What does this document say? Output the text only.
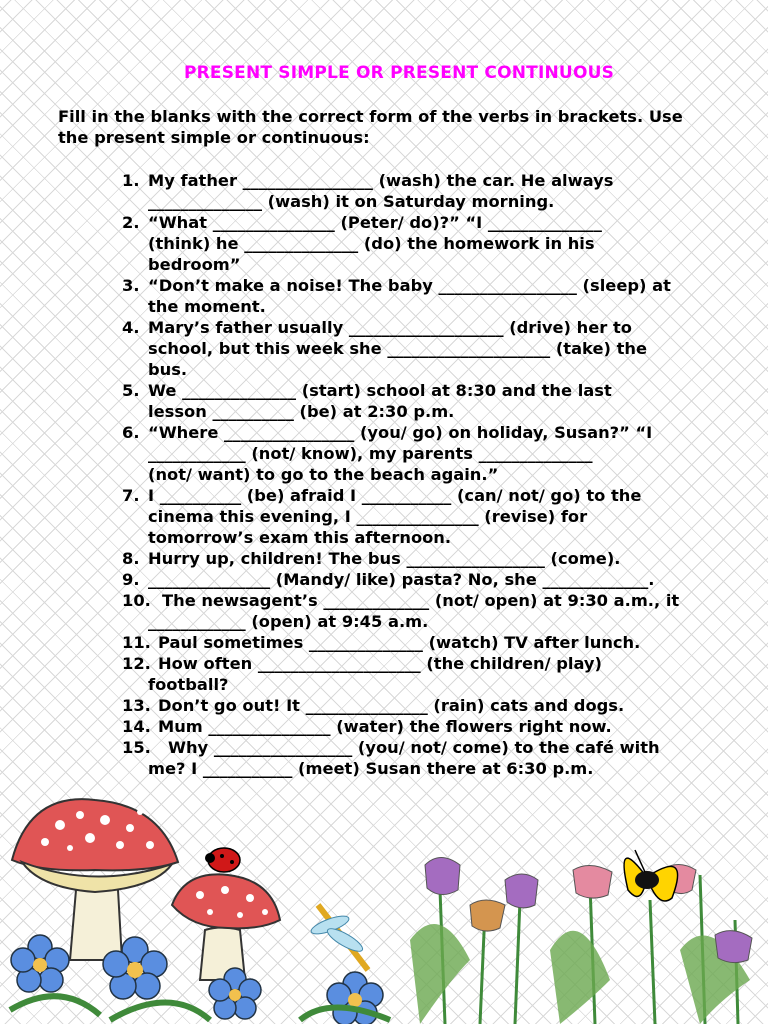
PRESENT SIMPLE OR PRESENT CONTINUOUS
Fill in the blanks with the correct form of the verbs in brackets. Use
the present simple or continuous:
1. My father ________________ (wash) the car. He always
______________ (wash) it on Saturday morning.
2. “What _______________ (Peter/ do)?” “I ______________
(think) he ______________ (do) the homework in his
bedroom”
3. “Don’t make a noise! The baby _________________ (sleep) at
the moment.
4. Mary’s father usually ___________________ (drive) her to
school, but this week she ____________________ (take) the
bus.
5. We ______________ (start) school at 8:30 and the last
lesson __________ (be) at 2:30 p.m.
6. “Where ________________ (you/ go) on holiday, Susan?” “I
____________ (not/ know), my parents ______________
(not/ want) to go to the beach again.”
7. I __________ (be) afraid I ___________ (can/ not/ go) to the
cinema this evening, I _______________ (revise) for
tomorrow’s exam this afternoon.
8. Hurry up, children! The bus _________________ (come).
9. _______________ (Mandy/ like) pasta? No, she _____________.
10. The newsagent’s _____________ (not/ open) at 9:30 a.m., it
____________ (open) at 9:45 a.m.
11. Paul sometimes ______________ (watch) TV after lunch.
12. How often ____________________ (the children/ play)
football?
13. Don’t go out! It _______________ (rain) cats and dogs.
14. Mum _______________ (water) the flowers right now.
15.	Why _________________ (you/ not/ come) to the café with
me? I ___________ (meet) Susan there at 6:30 p.m.
